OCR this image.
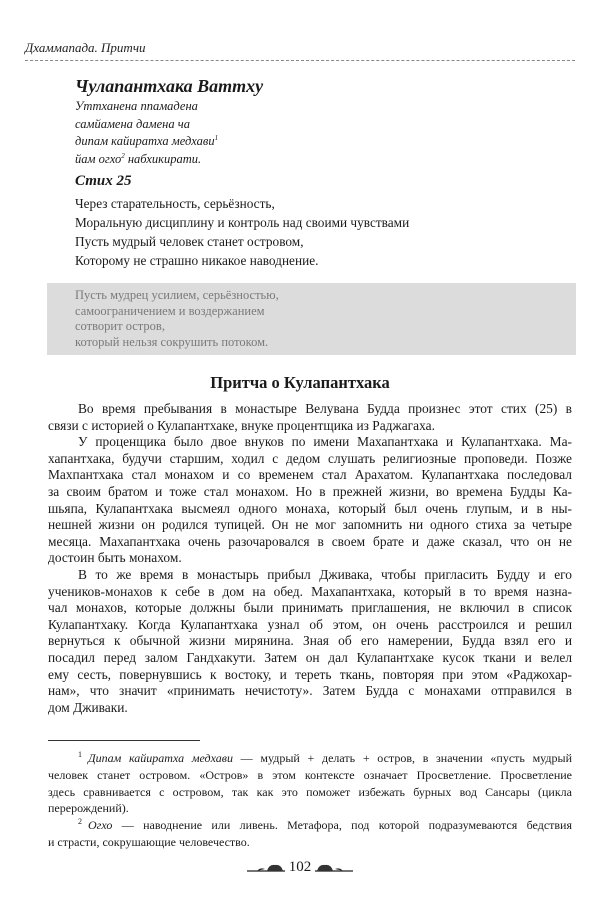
Дхаммапада. Притчи
Чулапантхака Ваттху
Уттханена ппамадена
самйамена дамена ча
дипам кайиратха медхави$^1$
йам огхо$^2$ набхикирати.
Стих 25
Через старательность, серьёзность,
Моральную дисциплину и контроль над своими чувствами
Пусть мудрый человек станет островом,
Которому не страшно никакое наводнение.
Пусть мудрец усилием, серьёзностью,
самоограничением и воздержанием
сотворит остров,
который нельзя сокрушить потоком.
Притча о Кулапантхака
Во время пребывания в монастыре Велувана Будда произнес этот стих (25) в
связи с историей о Кулапантхаке, внуке процентщика из Раджагаха.
У проценщика было двое внуков по имени Махапантхака и Кулапантхака. Ма-
хапантхака, будучи старшим, ходил с дедом слушать религиозные проповеди. Позже
Махпантхака стал монахом и со временем стал Арахатом. Кулапантхака последовал
за своим братом и тоже стал монахом. Но в прежней жизни, во времена Будды Ка-
шьяпа, Кулапантхака высмеял одного монаха, который был очень глупым, и в ны-
нешней жизни он родился тупицей. Он не мог запомнить ни одного стиха за четыре
месяца. Махапантхака очень разочаровался в своем брате и даже сказал, что он не
достоин быть монахом.
В то же время в монастырь прибыл Дживака, чтобы пригласить Будду и его
учеников-монахов к себе в дом на обед. Махапантхака, который в то время назна-
чал монахов, которые должны были принимать приглашения, не включил в список
Кулапантхаку. Когда Кулапантхака узнал об этом, он очень расстроился и решил
вернуться к обычной жизни мирянина. Зная об его намерении, Будда взял его и
посадил перед залом Гандхакути. Затем он дал Кулапантхаке кусок ткани и велел
ему сесть, повернувшись к востоку, и тереть ткань, повторяя при этом «Раджохар-
нам», что значит «принимать нечистоту». Затем Будда с монахами отправился в
дом Дживаки.
$^1$ Дипам кайиратха медхави — мудрый + делать + остров, в значении «пусть мудрый
человек станет островом. «Остров» в этом контексте означает Просветление. Просветление
здесь сравнивается с островом, так как это поможет избежать бурных вод Сансары (цикла
перерождений).
$^2$ Огхо — наводнение или ливень. Метафора, под которой подразумеваются бедствия
и страсти, сокрушающие человечество.
102
